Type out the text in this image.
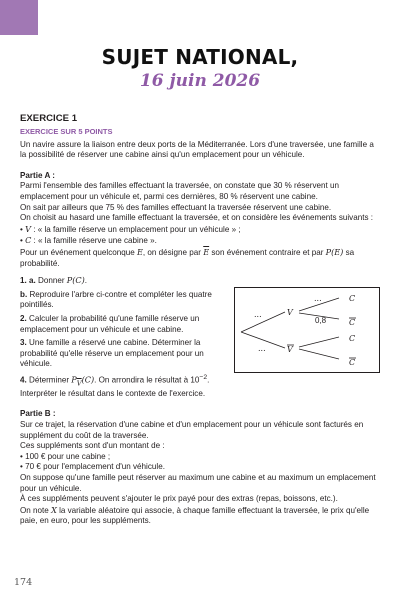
SUJET NATIONAL,
16 juin 2026
EXERCICE 1
EXERCICE SUR 5 POINTS

Un navire assure la liaison entre deux ports de la Méditerranée. Lors d'une traversée, une famille a la possibilité de réserver une cabine ainsi qu'un emplacement pour un véhicule.

Partie A :

Parmi l'ensemble des familles effectuant la traversée, on constate que 30 % réservent un emplacement pour un véhicule et, parmi ces dernières, 80 % réservent une cabine.

On sait par ailleurs que 75 % des familles effectuant la traversée réservent une cabine.

On choisit au hasard une famille effectuant la traversée, et on considère les événements suivants :

• V : « la famille réserve un emplacement pour un véhicule » ;

• C : « la famille réserve une cabine ».

Pour un événement quelconque E, on désigne par $\overline{E}$ son événement contraire et par P(E) sa probabilité.

1. a. Donner P(C).

b. Reproduire l'arbre ci-contre et compléter les quatre pointillés.

2. Calculer la probabilité qu'une famille réserve un emplacement pour un véhicule et une cabine.

3. Une famille a réservé une cabine. Déterminer la probabilité qu'elle réserve un emplacement pour un véhicule.

4. Déterminer $P_{\overline{V}}(C)$. On arrondira le résultat à $10^{-2}$.

Interpréter le résultat dans le contexte de l'exercice.

...
...
V
V
...
0,8
C
C
C
C
Partie B :

Sur ce trajet, la réservation d'une cabine et d'un emplacement pour un véhicule sont facturés en supplément du coût de la traversée.

Ces suppléments sont d'un montant de :

• 100 € pour une cabine ;

• 70 € pour l'emplacement d'un véhicule.

On suppose qu'une famille peut réserver au maximum une cabine et au maximum un emplacement pour un véhicule.

À ces suppléments peuvent s'ajouter le prix payé pour des extras (repas, boissons, etc.).

On note X la variable aléatoire qui associe, à chaque famille effectuant la traversée, le prix qu'elle paie, en euro, pour les suppléments.

174
